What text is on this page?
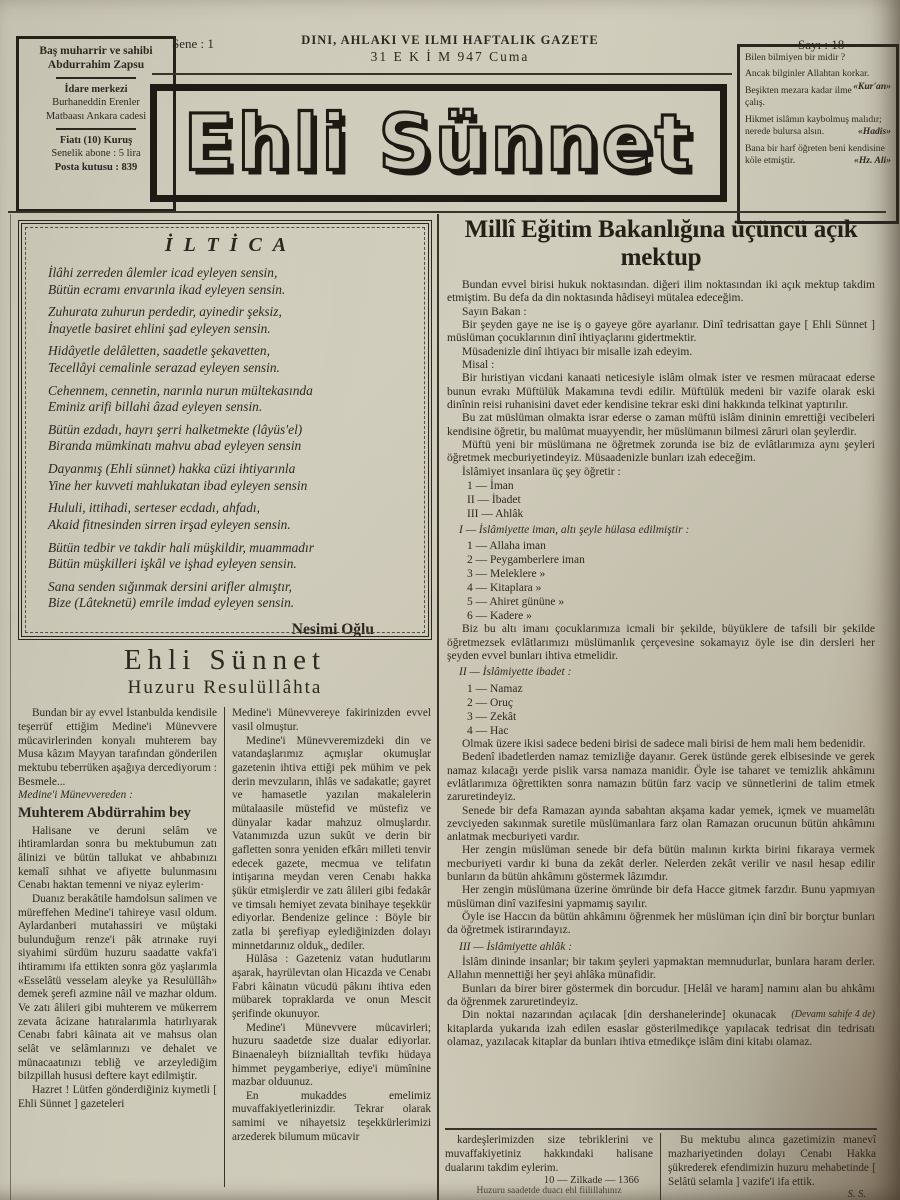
Baş muharrir ve sahibi
Abdurrahim Zapsu
İdare merkezi
Burhaneddin Erenler
Matbaası Ankara cadesi
Fiatı (10) Kuruş
Senelik abone : 5 lira
Posta kutusu : 839
Sene : 1	DINI, AHLAKI VE ILMI HAFTALIK GAZETE
31 E K İ M 947 Cuma
Sayı : 18
Ehli Sünnet
Bilen bilmiyen bir midir ?
Ancak bilginler Allahtan korkar.
«Kur'an»
Beşikten mezara kadar ilme çalış.
Hikmet islâmın kaybolmuş malıdır; nerede bulursa alsın.	«Hadis»
Bana bir harf öğreten beni kendisine köle etmiştir.	«Hz. Ali»
İLTİCA
İlâhi zerreden âlemler icad eyleyen sensin,
Bütün ecramı envarınla ikad eyleyen sensin.
Zuhurata zuhurun perdedir, ayinedir şeksiz,
İnayetle basiret ehlini şad eyleyen sensin.
Hidâyetle delâletten, saadetle şekavetten,
Tecellâyi cemalinle serazad eyleyen sensin.
Cehennem, cennetin, narınla nurun mültekasında
Eminiz arifi billahi âzad eyleyen sensin.
Bütün ezdadı, hayrı şerri halketmekte (lâyüs'el)
Biranda mümkinatı mahvu abad eyleyen sensin
Dayanmış (Ehli sünnet) hakka cüzi ihtiyarınla
Yine her kuvveti mahlukatan ibad eyleyen sensin
Hululi, ittihadi, serteser ecdadı, ahfadı,
Akaid fitnesinden sirren irşad eyleyen sensin.
Bütün tedbir ve takdir hali müşkildir, muammadır
Bütün müşkilleri işkâl ve işhad eyleyen sensin.
Sana senden sığınmak dersini arifler almıştır,
Bize (Lâteknetü) emrile imdad eyleyen sensin.
Nesimi Oğlu
Ehli Sünnet
Huzuru Resulüllâhta
Bundan bir ay evvel İstanbulda kendisile teşerrüf ettiğim Medine'i Münevvere mücavirlerinden konyalı muhterem bay Musa kâzım Mayyan tarafından gönderilen mektubu teberrüken aşağıya dercediyorum :
Besmele...
Medine'i Münevvereden :
Muhterem Abdürrahim bey
Halisane ve deruni selâm ve ihtiramlardan sonra bu mektubumun zatı âlinizi ve bütün tallukat ve ahbabınızı kemalî sıhhat ve afiyette bulunmasını Cenabı haktan temenni ve niyaz eylerim·
Duanız berakâtile hamdolsun salimen ve müreffehen Medine'i tahireye vasıl oldum. Aylardanberi mutahassiri ve müştaki bulunduğum renze'i pâk atrınake ruyi siyahimi sürdüm huzuru saadatte vakfa'i ihtiramımı ifa ettikten sonra göz yaşlarımla «Esselâtü vesselam aleyke ya Resulüllâh» demek şerefi azmine nâil ve mazhar oldum. Ve zatı âlileri gibi muhterem ve mükerrem zevata âcizane hatıralarımla hatırlıyarak Cenabı fabri kâinata ait ve mahsus olan selât ve selâmlarınızı ve dehalet ve münacaatınızı tebliğ ve arzeylediğim bilzpillah hususi deftere kayt edilmiştir.
Hazret ! Lütfen gönderdiğiniz kıymetli [ Ehli Sünnet ] gazeteleri
Medine'i Münevvereye fakirinizden evvel vasil olmuştur.
Medine'i Münevveremizdeki din ve vatandaşlarımız açmışlar okumuşlar gazetenin ihtiva ettiği pek mühim ve pek derin mevzuların, ihlâs ve sadakatle; gayret ve hamasetle yazılan makalelerin mütalaasile müstefid ve müstefiz ve dünyalar kadar mahzuz olmuşlardır. Vatanımızda uzun sukût ve derin bir gafletten sonra yeniden efkârı milleti tenvir edecek gazete, mecmua ve telifatın intişarına meydan veren Cenabı hakka şükür etmişlerdir ve zatı âlileri gibi fedakâr ve timsalı hemiyet zevata binihaye teşekkür ediyorlar. Bendenize gelince : Böyle bir zatla bi şerefiyap eylediğinizden dolayı minnetdarınız olduk„ dediler.
Hülâsa : Gazeteniz vatan hudutlarını aşarak, hayrülevtan olan Hicazda ve Cenabı Fabri kâinatın vücudü pâkını ihtiva eden mübarek topraklarda ve onun Mescit şerifinde okunuyor.
Medine'i Münevvere mücavirleri; huzuru saadetde size dualar ediyorlar. Binaenaleyh biiznialltah tevfikı hüdaya himmet peygamberiye, ediye'i mümînine mazbar olduunuz.
En mukaddes emelimiz muvaffakiyetlerinizdir. Tekrar olarak samimi ve nihayetsiz teşekkürlerimizi arzederek bilumum mücavir
Millî Eğitim Bakanlığına üçüncü açık mektup
Bundan evvel birisi hukuk noktasından. diğeri ilim noktasından iki açık mektup takdim etmiştim. Bu defa da din noktasında hâdiseyi mütalea edeceğim.
Sayın Bakan :
Bir şeyden gaye ne ise iş o gayeye göre ayarlanır. Dinî tedrisattan gaye [ Ehli Sünnet ] müslüman çocuklarının dinî ihtiyaçlarını gidertmektir.
Müsadenizle dinî ihtiyacı bir misalle izah edeyim.
Misal :
Bir hıristiyan vicdani kanaati neticesiyle islâm olmak ister ve resmen müracaat ederse bunun evrakı Müftülük Makamına tevdi edilir. Müftülük medeni bir vazife olarak eski dinînin reisi ruhanisini davet eder kendisine tekrar eski dini hakkında telkinat yaptırılır.
Bu zat müslüman olmakta israr ederse o zaman müftü islâm dininin emrettiği vecibeleri kendisine öğretir, bu malûmat muayyendir, her müslümanın bilmesi zâruri olan şeylerdir.
Müftü yeni bir müslümana ne öğretmek zorunda ise biz de evlâtlarımıza aynı şeyleri öğretmek mecburiyetindeyiz. Müsaadenizle bunları izah edeceğim.
İslâmiyet insanlara üç şey öğretir :
1 — İman
II — İbadet
III — Ahlâk
I — İslâmiyette iman, altı şeyle hülasa edilmiştir :
1 — Allaha iman
2 — Peygamberlere iman
3 — Meleklere »
4 — Kitaplara »
5 — Ahiret gününe »
6 — Kadere »
Biz bu altı imanı çocuklarımıza icmali bir şekilde, büyüklere de tafsili bir şekilde öğretmezsek evlâtlarımızı müslümanlık çerçevesine sokamayız öyle ise din dersleri her şeyden evvel bunları ihtiva etmelidir.
II — İslâmiyette ibadet :
1 — Namaz
2 — Oruç
3 — Zekât
4 — Hac
Olmak üzere ikisi sadece bedeni birisi de sadece mali birisi de hem mali hem bedenidir.
Bedenî ibadetlerden namaz temizliğe dayanır. Gerek üstünde gerek elbisesinde ve gerek namaz kılacağı yerde pislik varsa namaza manidir. Öyle ise taharet ve temizlik ahkâmını evlâtlarımıza öğrettikten sonra namazın bütün farz vacip ve sünnetlerini de talim etmek zaruretindeyiz.
Senede bir defa Ramazan ayında sabahtan akşama kadar yemek, içmek ve muamelâtı zevciyeden sakınmak suretile müslümanlara farz olan Ramazan orucunun bütün ahkâmını anlatmak mecburiyeti vardır.
Her zengin müslüman senede bir defa bütün malının kırkta birini fıkaraya vermek mecburiyeti vardır ki buna da zekât derler. Nelerden zekât verilir ve nasıl hesap edilir bunların da bütün ahkâmını göstermek lâzımdır.
Her zengin müslümana üzerine ömründe bir defa Hacce gitmek farzdır. Bunu yapmıyan müslüman dinî vazifesini yapmamış sayılır.
Öyle ise Haccın da bütün ahkâmını öğrenmek her müslüman için dinî bir borçtur bunları da öğretmek istirarındayız.
III — İslâmiyette ahlâk :
İslâm dininde insanlar; bir takım şeyleri yapmaktan memnudurlar, bunlara haram derler. Allahın mennettiği her şeyi ahlâka münafidir.
Bunları da birer birer göstermek din borcudur. [Helâl ve haram] namını alan bu ahkâmı da öğrenmek zaruretindeyiz.
(Devamı sahife 4 de)
Din noktai nazarından açılacak [din dershanelerinde] okunacak kitaplarda yukarıda izah edilen esaslar gösterilmedikçe yapılacak tedrisat din tedrisatı olamaz, yazılacak kitaplar da bunları ihtiva etmedikçe islâm dini kitabı olamaz.
kardeşlerimizden size tebriklerini ve muvaffakiyetiniz hakkındaki halisane dualarını takdim eylerim.
10 — Zilkade — 1366
Huzuru saadetde duacı ehl fiilillahınız
Bu mektubu alınca gazetimizin manevî mazhariyetinden dolayı Cenabı Hakka şükrederek efendimizin huzuru mehabetinde [ Selâtü selamla ] vazife'i ifa ettik.
S. S.
